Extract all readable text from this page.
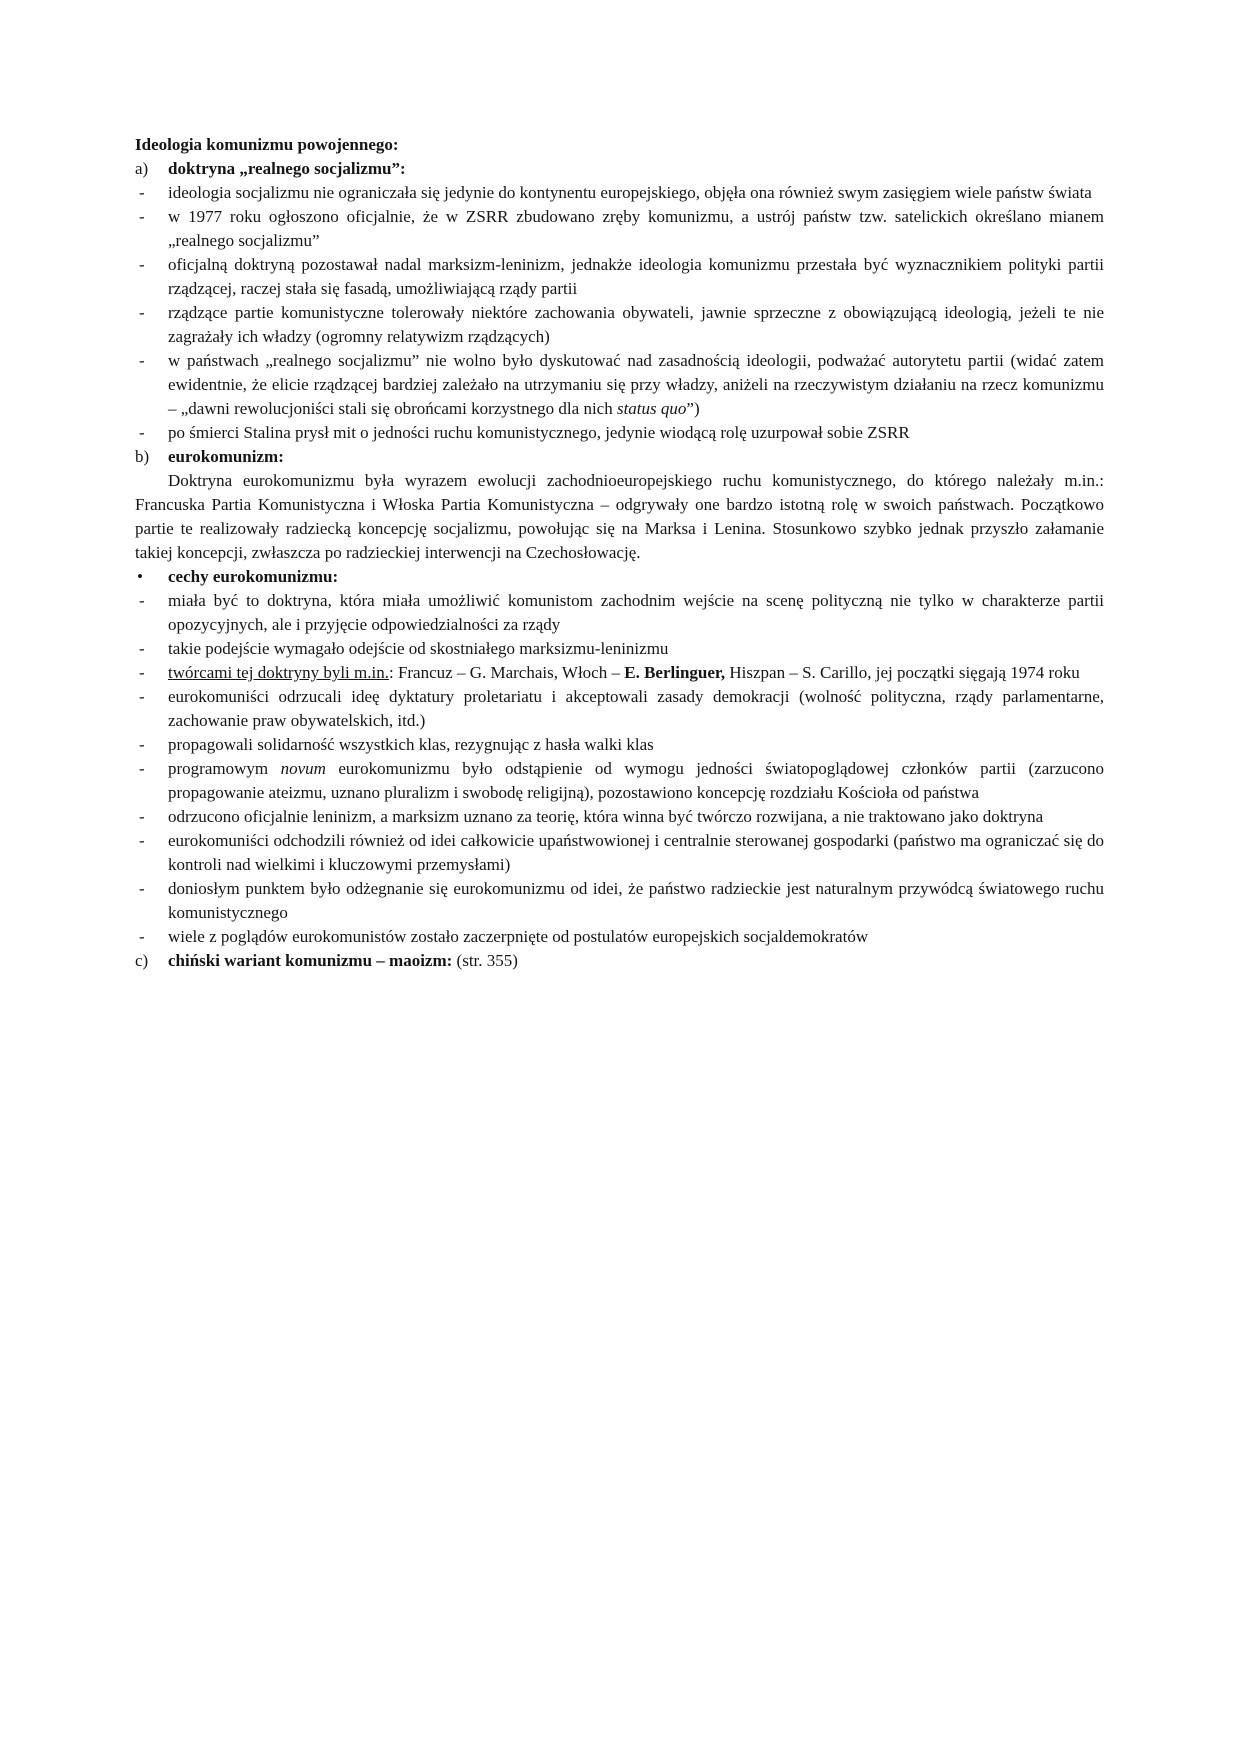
Ideologia komunizmu powojennego:
a) doktryna „realnego socjalizmu”:
- ideologia socjalizmu nie ograniczała się jedynie do kontynentu europejskiego, objęła ona również swym zasięgiem wiele państw świata
- w 1977 roku ogłoszono oficjalnie, że w ZSRR zbudowano zręby komunizmu, a ustrój państw tzw. satelickich określano mianem „realnego socjalizmu”
- oficjalną doktryną pozostawał nadal marksizm-leninizm, jednakże ideologia komunizmu przestała być wyznacznikiem polityki partii rządzącej, raczej stała się fasadą, umożliwiającą rządy partii
- rządzące partie komunistyczne tolerowały niektóre zachowania obywateli, jawnie sprzeczne z obowiązującą ideologią, jeżeli te nie zagrażały ich władzy (ogromny relatywizm rządzących)
- w państwach „realnego socjalizmu” nie wolno było dyskutować nad zasadnością ideologii, podważać autorytetu partii (widać zatem ewidentnie, że elicie rządzącej bardziej zależało na utrzymaniu się przy władzy, aniżeli na rzeczywistym działaniu na rzecz komunizmu – „dawni rewolucjoniści stali się obrońcami korzystnego dla nich status quo”)
- po śmierci Stalina prysł mit o jedności ruchu komunistycznego, jedynie wiodącą rolę uzurpował sobie ZSRR
b) eurokomunizm:
Doktryna eurokomunizmu była wyrazem ewolucji zachodnioeuropejskiego ruchu komunistycznego, do którego należały m.in.: Francuska Partia Komunistyczna i Włoska Partia Komunistyczna – odgrywały one bardzo istotną rolę w swoich państwach. Początkowo partie te realizowały radziecką koncepcję socjalizmu, powołując się na Marksa i Lenina. Stosunkowo szybko jednak przyszło załamanie takiej koncepcji, zwłaszcza po radzieckiej interwencji na Czechosłowację.
• cechy eurokomunizmu:
- miała być to doktryna, która miała umożliwić komunistom zachodnim wejście na scenę polityczną nie tylko w charakterze partii opozycyjnych, ale i przyjęcie odpowiedzialności za rządy
- takie podejście wymagało odejście od skostniałego marksizmu-leninizmu
- twórcami tej doktryny byli m.in.: Francuz – G. Marchais, Włoch – E. Berlinguer, Hiszpan – S. Carillo, jej początki sięgają 1974 roku
- eurokomuniści odrzucali ideę dyktatury proletariatu i akceptowali zasady demokracji (wolność polityczna, rządy parlamentarne, zachowanie praw obywatelskich, itd.)
- propagowali solidarność wszystkich klas, rezygnując z hasła walki klas
- programowym novum eurokomunizmu było odstąpienie od wymogu jedności światopoglądowej członków partii (zarzucono propagowanie ateizmu, uznano pluralizm i swobodę religijną), pozostawiono koncepcję rozdziału Kościoła od państwa
- odrzucono oficjalnie leninizm, a marksizm uznano za teorię, która winna być twórczo rozwijana, a nie traktowano jako doktryna
- eurokomuniści odchodzili również od idei całkowicie upaństwowionej i centralnie sterowanej gospodarki (państwo ma ograniczać się do kontroli nad wielkimi i kluczowymi przemysłami)
- doniosłym punktem było odżegnanie się eurokomunizmu od idei, że państwo radzieckie jest naturalnym przywódcą światowego ruchu komunistycznego
- wiele z poglądów eurokomunistów zostało zaczerpnięte od postulatów europejskich socjaldemokratów
c) chiński wariant komunizmu – maoizm: (str. 355)
